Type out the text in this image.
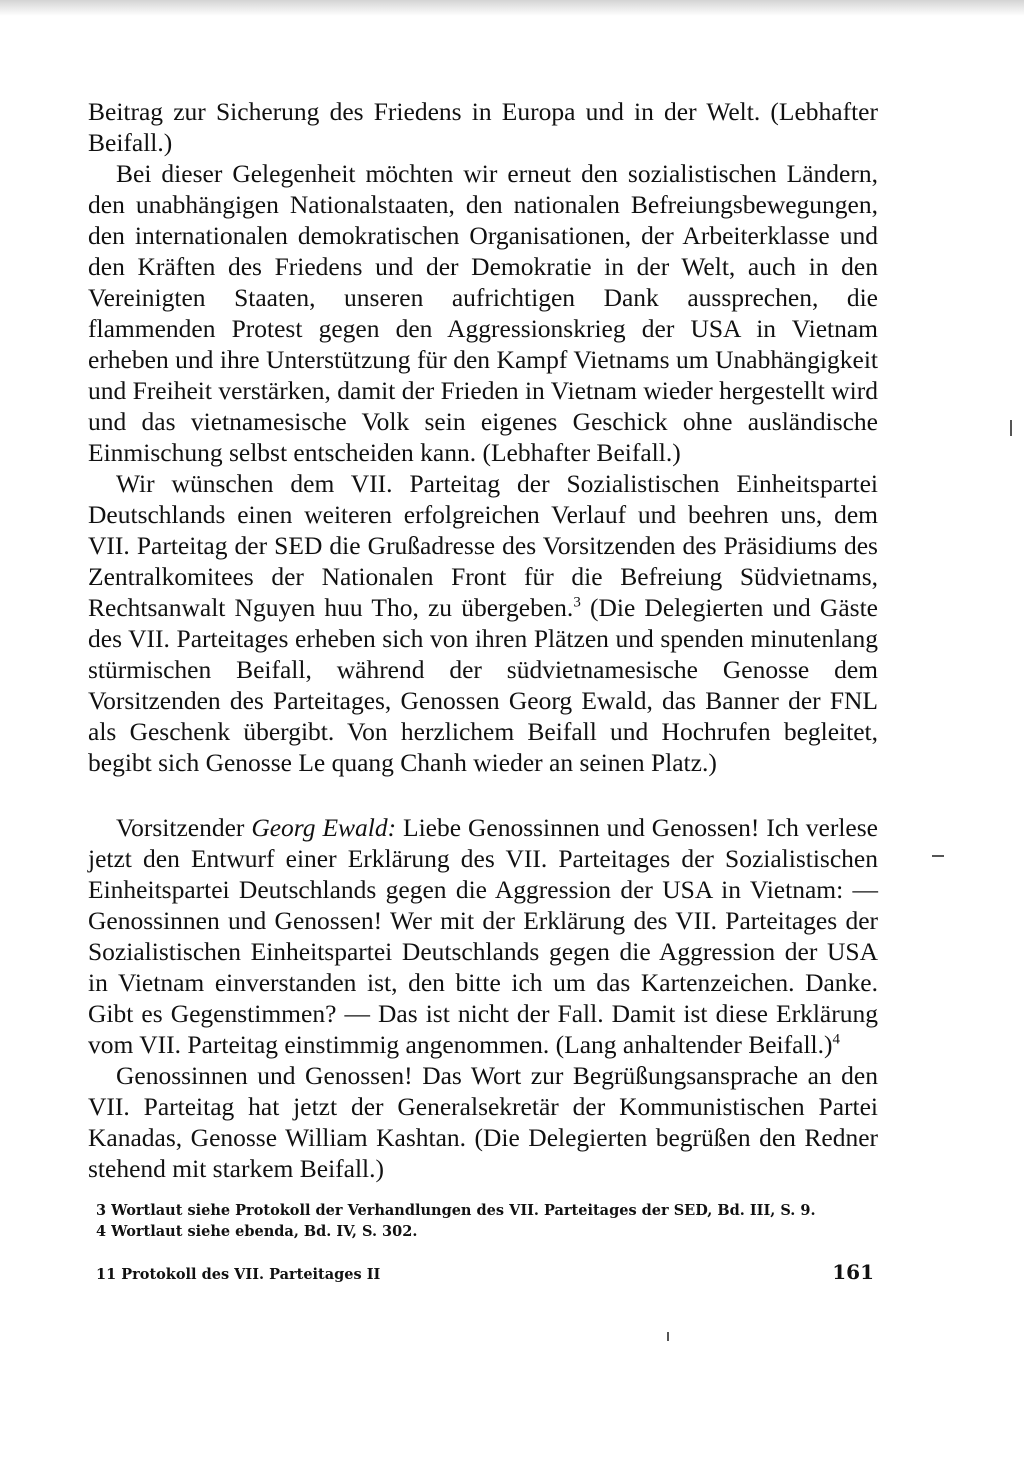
Beitrag zur Sicherung des Friedens in Europa und in der Welt. (Lebhafter Beifall.)

Bei dieser Gelegenheit möchten wir erneut den sozialistischen Ländern, den unabhängigen Nationalstaaten, den nationalen Befreiungsbewegungen, den internationalen demokratischen Organisationen, der Arbeiterklasse und den Kräften des Friedens und der Demokratie in der Welt, auch in den Vereinigten Staaten, unseren aufrichtigen Dank aussprechen, die flammenden Protest gegen den Aggressionskrieg der USA in Vietnam erheben und ihre Unterstützung für den Kampf Vietnams um Unabhängigkeit und Freiheit verstärken, damit der Frieden in Vietnam wieder hergestellt wird und das vietnamesische Volk sein eigenes Geschick ohne ausländische Einmischung selbst entscheiden kann. (Lebhafter Beifall.)

Wir wünschen dem VII. Parteitag der Sozialistischen Einheitspartei Deutschlands einen weiteren erfolgreichen Verlauf und beehren uns, dem VII. Parteitag der SED die Grußadresse des Vorsitzenden des Präsidiums des Zentralkomitees der Nationalen Front für die Befreiung Südvietnams, Rechtsanwalt Nguyen huu Tho, zu übergeben.$^3$ (Die Delegierten und Gäste des VII. Parteitages erheben sich von ihren Plätzen und spenden minutenlang stürmischen Beifall, während der südvietnamesische Genosse dem Vorsitzenden des Parteitages, Genossen Georg Ewald, das Banner der FNL als Geschenk übergibt. Von herzlichem Beifall und Hochrufen begleitet, begibt sich Genosse Le quang Chanh wieder an seinen Platz.)

Vorsitzender Georg Ewald: Liebe Genossinnen und Genossen! Ich verlese jetzt den Entwurf einer Erklärung des VII. Parteitages der Sozialistischen Einheitspartei Deutschlands gegen die Aggression der USA in Vietnam: — Genossinnen und Genossen! Wer mit der Erklärung des VII. Parteitages der Sozialistischen Einheitspartei Deutschlands gegen die Aggression der USA in Vietnam einverstanden ist, den bitte ich um das Kartenzeichen. Danke. Gibt es Gegenstimmen? — Das ist nicht der Fall. Damit ist diese Erklärung vom VII. Parteitag einstimmig angenommen. (Lang anhaltender Beifall.)$^4$

Genossinnen und Genossen! Das Wort zur Begrüßungsansprache an den VII. Parteitag hat jetzt der Generalsekretär der Kommunistischen Partei Kanadas, Genosse William Kashtan. (Die Delegierten begrüßen den Redner stehend mit starkem Beifall.)

3 Wortlaut siehe Protokoll der Verhandlungen des VII. Parteitages der SED, Bd. III, S. 9.

4 Wortlaut siehe ebenda, Bd. IV, S. 302.

11 Protokoll des VII. Parteitages II	161
